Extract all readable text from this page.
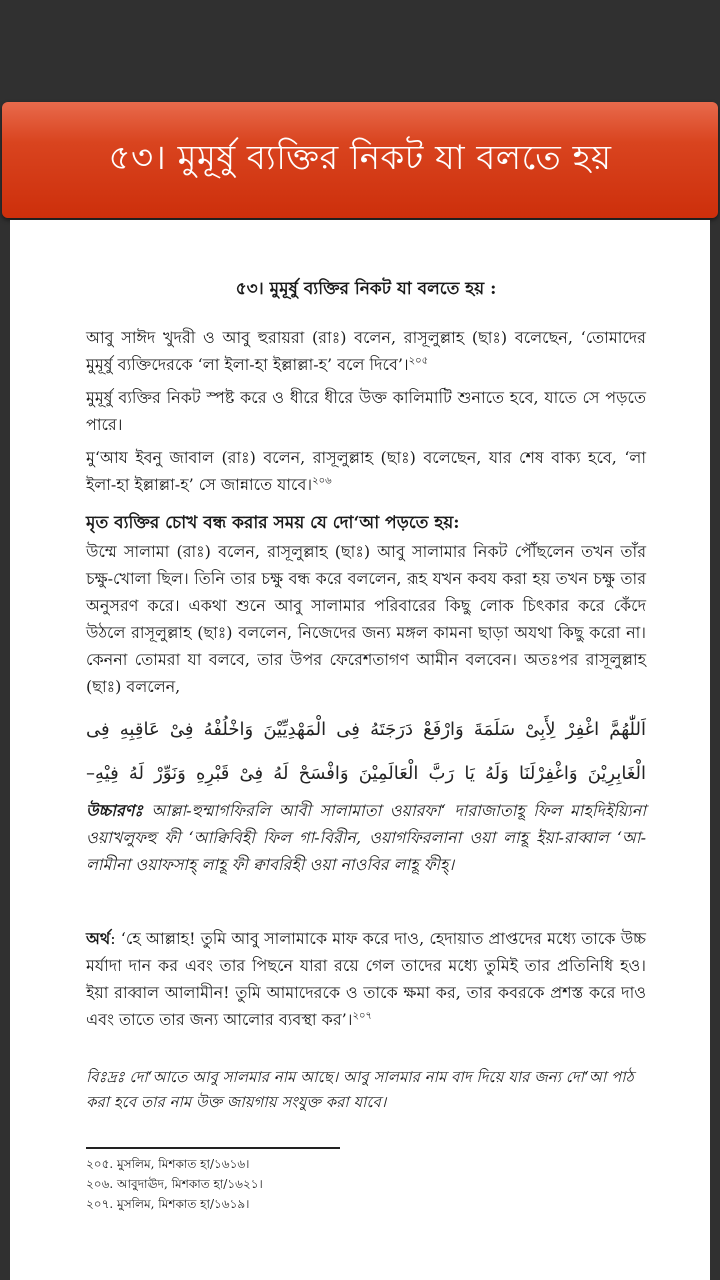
৫৩। মুমূর্ষু ব্যক্তির নিকট যা বলতে হয়
৫৩। মুমূর্ষু ব্যক্তির নিকট যা বলতে হয় :

আবু সাঈদ খুদরী ও আবু হুরায়রা (রাঃ) বলেন, রাসূলুল্লাহ (ছাঃ) বলেছেন, ‘তোমাদের মুমূর্ষু ব্যক্তিদেরকে ‘লা ইলা-হা ইল্লাল্লা-হ’ বলে দিবে’।$^{২০৫}$

মুমূর্ষু ব্যক্তির নিকট স্পষ্ট করে ও ধীরে ধীরে উক্ত কালিমাটি শুনাতে হবে, যাতে সে পড়তে পারে।

মু‘আয ইবনু জাবাল (রাঃ) বলেন, রাসূলুল্লাহ (ছাঃ) বলেছেন, যার শেষ বাক্য হবে, ‘লা ইলা-হা ইল্লাল্লা-হ’ সে জান্নাতে যাবে।$^{২০৬}$

মৃত ব্যক্তির চোখ বন্ধ করার সময় যে দো‘আ পড়তে হয়:

উম্মে সালামা (রাঃ) বলেন, রাসূলুল্লাহ (ছাঃ) আবু সালামার নিকট পৌঁছলেন তখন তাঁর চক্ষু-খোলা ছিল। তিনি তার চক্ষু বন্ধ করে বললেন, রূহ যখন কবয করা হয় তখন চক্ষু তার অনুসরণ করে। একথা শুনে আবু সালামার পরিবারের কিছু লোক চিৎকার করে কেঁদে উঠলে রাসূলুল্লাহ (ছাঃ) বললেন, নিজেদের জন্য মঙ্গল কামনা ছাড়া অযথা কিছু করো না। কেননা তোমরা যা বলবে, তার উপর ফেরেশতাগণ আমীন বলবেন। অতঃপর রাসূলুল্লাহ (ছাঃ) বললেন,

اَللّٰهُمَّ اغْفِرْ لِأَبِىْ سَلَمَةَ وَارْفَعْ دَرَجَتَهُ فِى الْمَهْدِيِّيْنَ وَاخْلُفْهُ فِىْ عَاقِبِهِ فِى الْغَابِرِيْنَ وَاغْفِرْلَنَا وَلَهُ يَا رَبَّ الْعَالَمِيْنَ وَافْسَحْ لَهُ فِىْ قَبْرِهِ وَنَوِّرْ لَهُ فِيْهِ–
উচ্চারণঃ আল্লা-হুম্মাগফিরলি আবী সালামাতা ওয়ারফা‘ দারাজাতাহূ ফিল মাহদিইয়্যিনা ওয়াখলুফহু ফী ‘আক্বিবিহী ফিল গা-বিরীন, ওয়াগফিরলানা ওয়া লাহূ ইয়া-রাব্বাল ‘আ-লামীনা ওয়াফসাহ্ লাহূ ফী ক্বাবরিহী ওয়া নাওবির লাহূ ফীহ্।

অর্থ: ‘হে আল্লাহ! তুমি আবু সালামাকে মাফ করে দাও, হেদায়াত প্রাপ্তদের মধ্যে তাকে উচ্চ মর্যাদা দান কর এবং তার পিছনে যারা রয়ে গেল তাদের মধ্যে তুমিই তার প্রতিনিধি হও। ইয়া রাব্বাল আলামীন! তুমি আমাদেরকে ও তাকে ক্ষমা কর, তার কবরকে প্রশস্ত করে দাও এবং তাতে তার জন্য আলোর ব্যবস্থা কর’।$^{২০৭}$

বিঃদ্রঃ দো‘আতে আবু সালমার নাম আছে। আবু সালমার নাম বাদ দিয়ে যার জন্য দো‘আ পাঠ করা হবে তার নাম উক্ত জায়গায় সংযুক্ত করা যাবে।
২০৫. মুসলিম, মিশকাত হা/১৬১৬।
২০৬. আবুদাঊদ, মিশকাত হা/১৬২১।
২০৭. মুসলিম, মিশকাত হা/১৬১৯।
